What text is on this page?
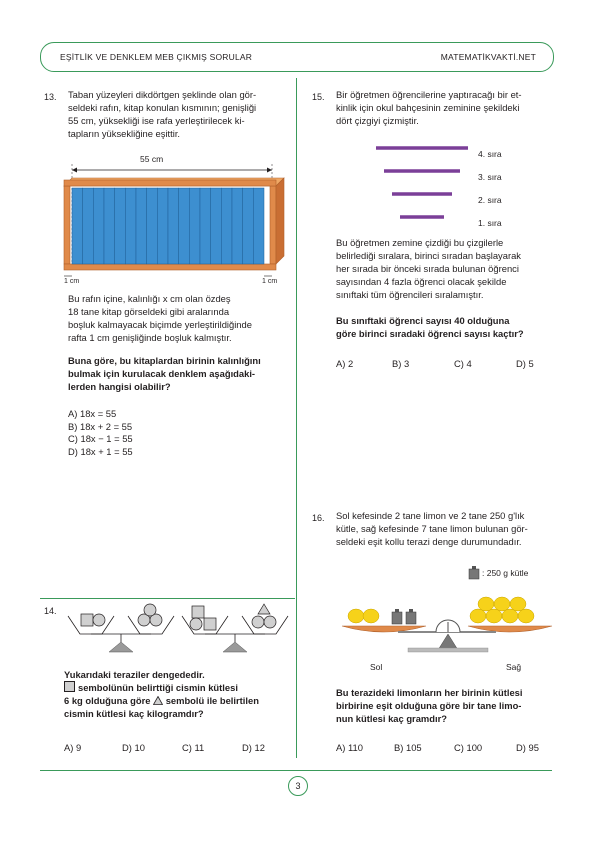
EŞİTLİK VE DENKLEM MEB ÇIKMIŞ SORULAR	MATEMATİKVAKTİ.NET
3
13. Taban yüzeyleri dikdörtgen şeklinde olan gör-
seldeki rafın, kitap konulan kısmının; genişliği
55 cm, yüksekliği ise rafa yerleştirilecek ki-
tapların yüksekliğine eşittir.
55 cm
1 cm	1 cm
Bu rafın içine, kalınlığı x cm olan özdeş
18 tane kitap görseldeki gibi aralarında
boşluk kalmayacak biçimde yerleştirildiğinde
rafta 1 cm genişliğinde boşluk kalmıştır.
Buna göre, bu kitaplardan birinin kalınlığını
bulmak için kurulacak denklem aşağıdaki-
lerden hangisi olabilir?
A) 18x = 55
B) 18x + 2 = 55
C) 18x − 1 = 55
D) 18x + 1 = 55
14.
Yukarıdaki teraziler dengededir.
sembolünün belirttiği cismin kütlesi
6 kg olduğuna göre sembolü ile belirtilen
cismin kütlesi kaç kilogramdır?
A) 9	D) 10	C) 11	D) 12
15. Bir öğretmen öğrencilerine yaptıracağı bir et-
kinlik için okul bahçesinin zeminine şekildeki
dört çizgiyi çizmiştir.
4. sıra
3. sıra
2. sıra
1. sıra
Bu öğretmen zemine çizdiği bu çizgilerle
belirlediği sıralara, birinci sıradan başlayarak
her sırada bir önceki sırada bulunan öğrenci
sayısından 4 fazla öğrenci olacak şekilde
sınıftaki tüm öğrencileri sıralamıştır.
Bu sınıftaki öğrenci sayısı 40 olduğuna
göre birinci sıradaki öğrenci sayısı kaçtır?
A) 2	B) 3	C) 4	D) 5
16. Sol kefesinde 2 tane limon ve 2 tane 250 g'lık
kütle, sağ kefesinde 7 tane limon bulunan gör-
seldeki eşit kollu terazi denge durumundadır.
: 250 g kütle
Sol	Sağ
Bu terazideki limonların her birinin kütlesi
birbirine eşit olduğuna göre bir tane limo-
nun kütlesi kaç gramdır?
A) 110	B) 105	C) 100	D) 95
